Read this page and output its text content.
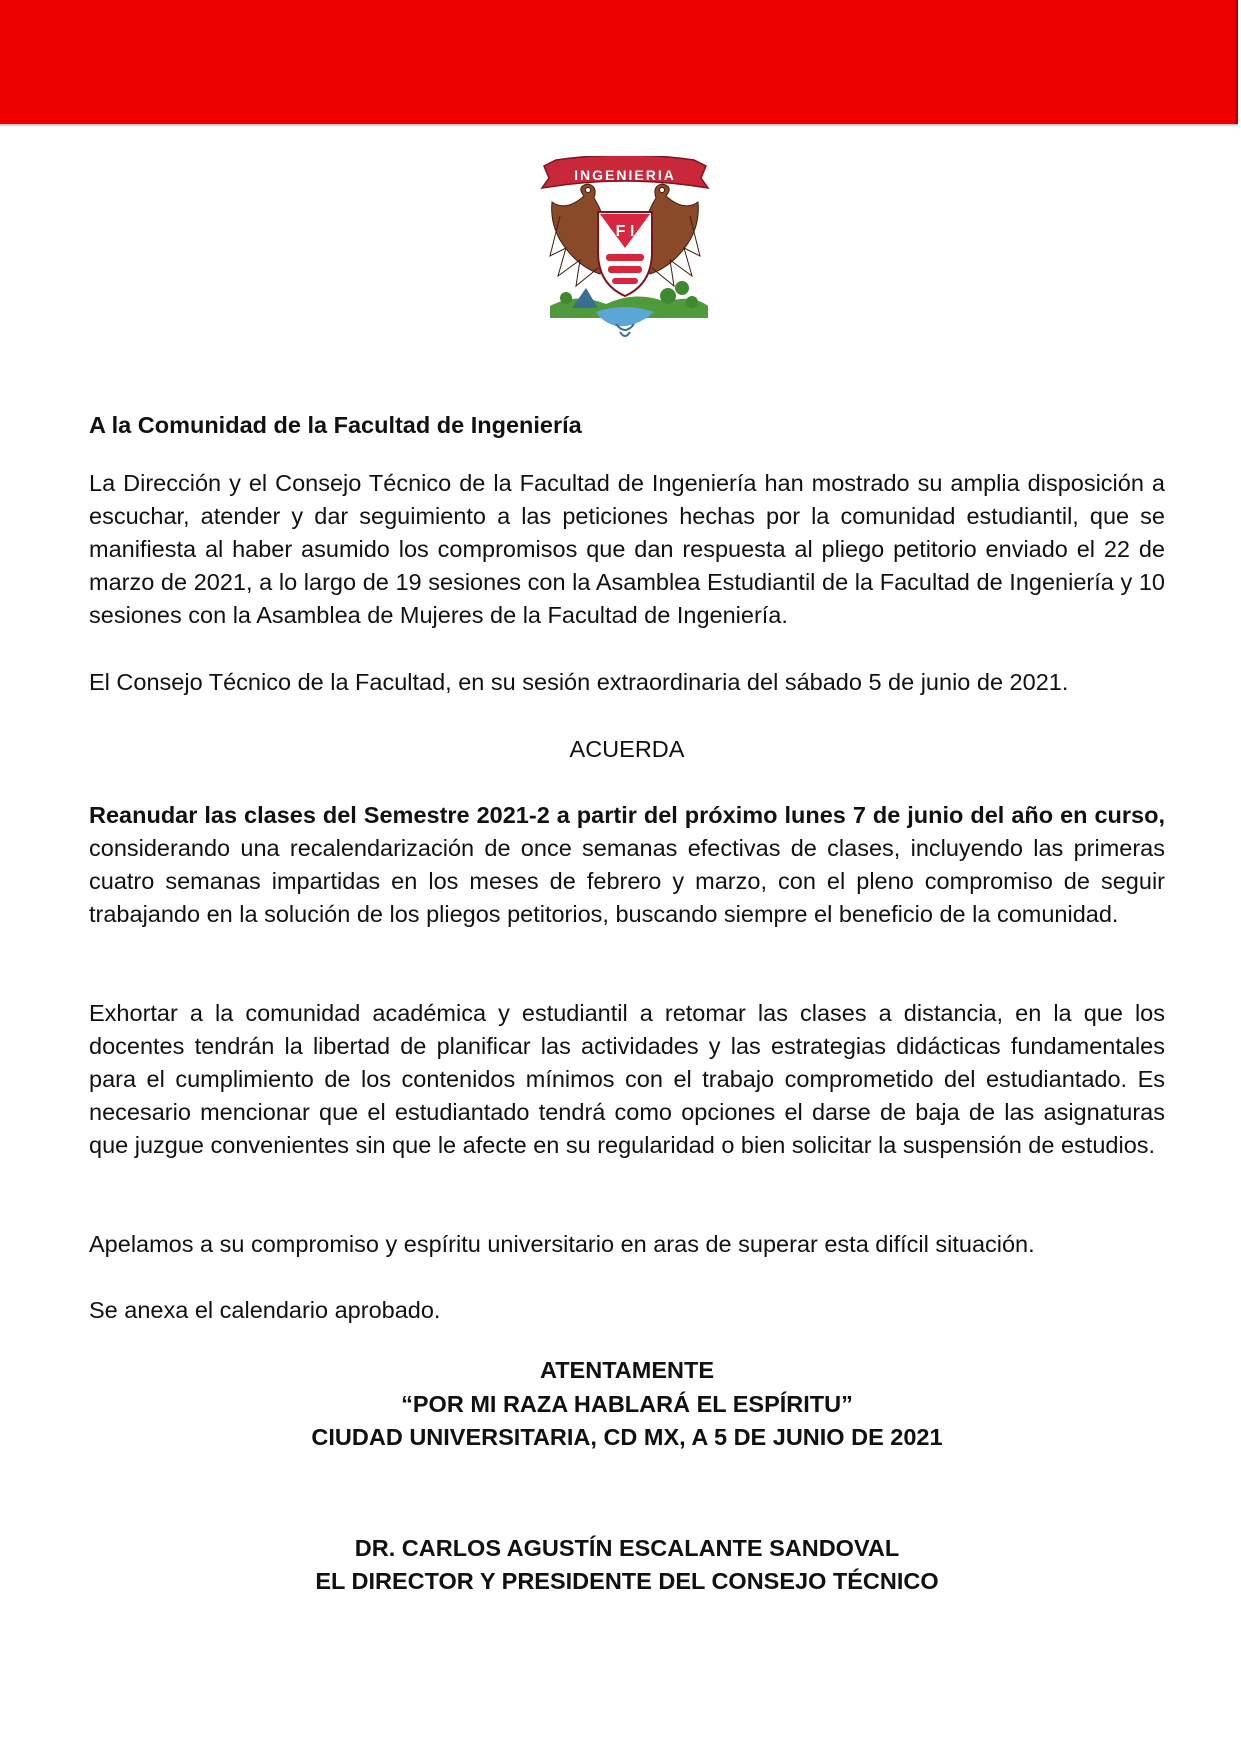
INGENIERIA
F I

A la Comunidad de la Facultad de Ingeniería

La Dirección y el Consejo Técnico de la Facultad de Ingeniería han mostrado su amplia disposición a escuchar, atender y dar seguimiento a las peticiones hechas por la comunidad estudiantil, que se manifiesta al haber asumido los compromisos que dan respuesta al pliego petitorio enviado el 22 de marzo de 2021, a lo largo de 19 sesiones con la Asamblea Estudiantil de la Facultad de Ingeniería y 10 sesiones con la Asamblea de Mujeres de la Facultad de Ingeniería.

El Consejo Técnico de la Facultad, en su sesión extraordinaria del sábado 5 de junio de 2021.

ACUERDA

Reanudar las clases del Semestre 2021-2 a partir del próximo lunes 7 de junio del año en curso, considerando una recalendarización de once semanas efectivas de clases, incluyendo las primeras cuatro semanas impartidas en los meses de febrero y marzo, con el pleno compromiso de seguir trabajando en la solución de los pliegos petitorios, buscando siempre el beneficio de la comunidad.

Exhortar a la comunidad académica y estudiantil a retomar las clases a distancia, en la que los docentes tendrán la libertad de planificar las actividades y las estrategias didácticas fundamentales para el cumplimiento de los contenidos mínimos con el trabajo comprometido del estudiantado. Es necesario mencionar que el estudiantado tendrá como opciones el darse de baja de las asignaturas que juzgue convenientes sin que le afecte en su regularidad o bien solicitar la suspensión de estudios.

Apelamos a su compromiso y espíritu universitario en aras de superar esta difícil situación.

Se anexa el calendario aprobado.

ATENTAMENTE

“POR MI RAZA HABLARÁ EL ESPÍRITU”
CIUDAD UNIVERSITARIA, CD MX, A 5 DE JUNIO DE 2021
DR. CARLOS AGUSTÍN ESCALANTE SANDOVAL
EL DIRECTOR Y PRESIDENTE DEL CONSEJO TÉCNICO
